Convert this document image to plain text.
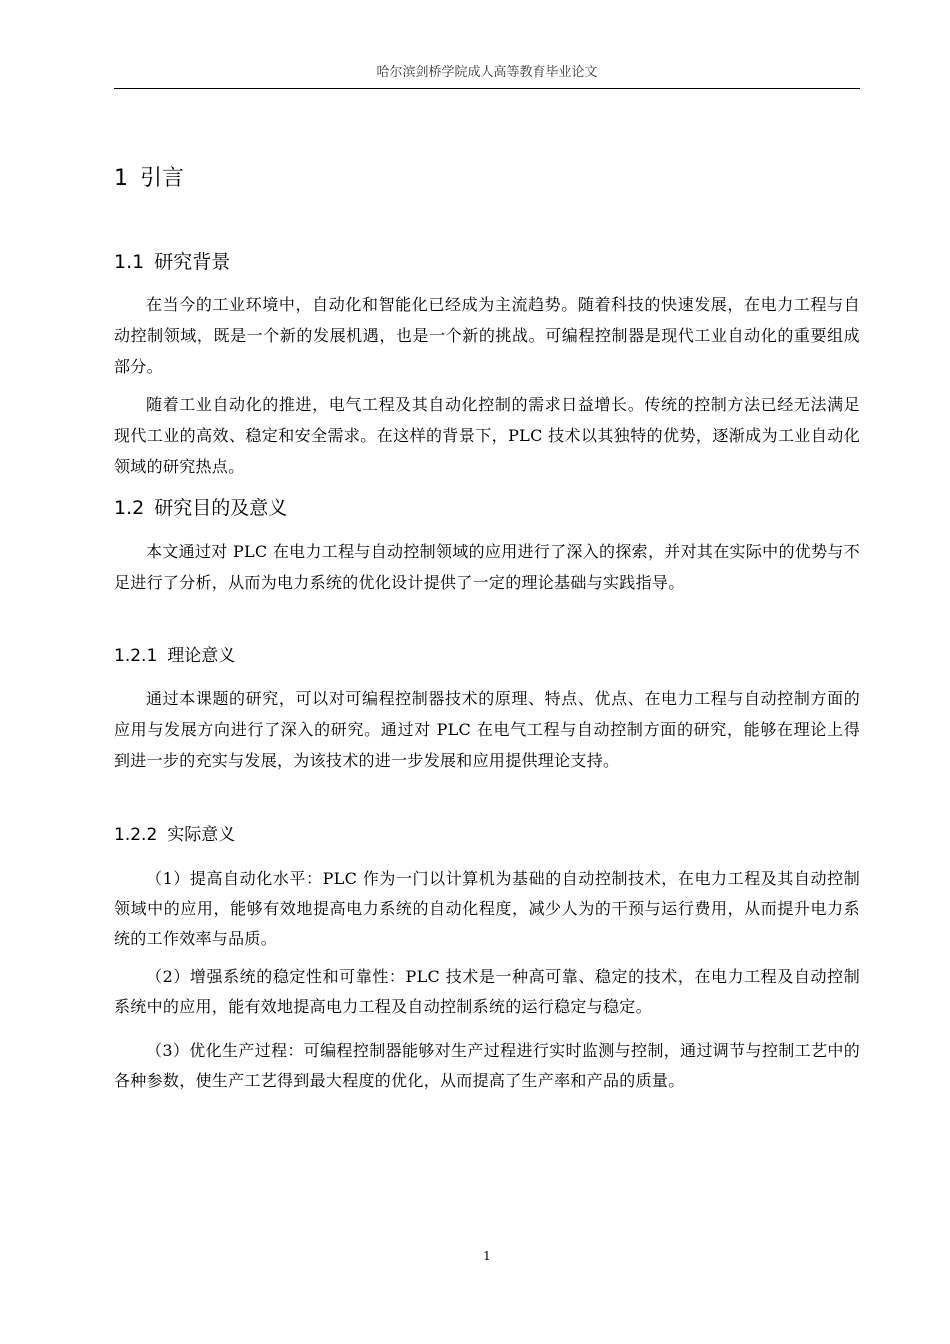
哈尔滨剑桥学院成人高等教育毕业论文
1 引言
1.1 研究背景

在当今的工业环境中，自动化和智能化已经成为主流趋势。随着科技的快速发展，在电力工程与自动控制领域，既是一个新的发展机遇，也是一个新的挑战。可编程控制器是现代工业自动化的重要组成部分。

随着工业自动化的推进，电气工程及其自动化控制的需求日益增长。传统的控制方法已经无法满足现代工业的高效、稳定和安全需求。在这样的背景下，PLC 技术以其独特的优势，逐渐成为工业自动化领域的研究热点。

1.2 研究目的及意义

本文通过对 PLC 在电力工程与自动控制领域的应用进行了深入的探索，并对其在实际中的优势与不足进行了分析，从而为电力系统的优化设计提供了一定的理论基础与实践指导。

1.2.1 理论意义

通过本课题的研究，可以对可编程控制器技术的原理、特点、优点、在电力工程与自动控制方面的应用与发展方向进行了深入的研究。通过对 PLC 在电气工程与自动控制方面的研究，能够在理论上得到进一步的充实与发展，为该技术的进一步发展和应用提供理论支持。

1.2.2 实际意义

（1）提高自动化水平：PLC 作为一门以计算机为基础的自动控制技术，在电力工程及其自动控制领域中的应用，能够有效地提高电力系统的自动化程度，减少人为的干预与运行费用，从而提升电力系统的工作效率与品质。

（2）增强系统的稳定性和可靠性：PLC 技术是一种高可靠、稳定的技术，在电力工程及自动控制系统中的应用，能有效地提高电力工程及自动控制系统的运行稳定与稳定。

（3）优化生产过程：可编程控制器能够对生产过程进行实时监测与控制，通过调节与控制工艺中的各种参数，使生产工艺得到最大程度的优化，从而提高了生产率和产品的质量。

1
